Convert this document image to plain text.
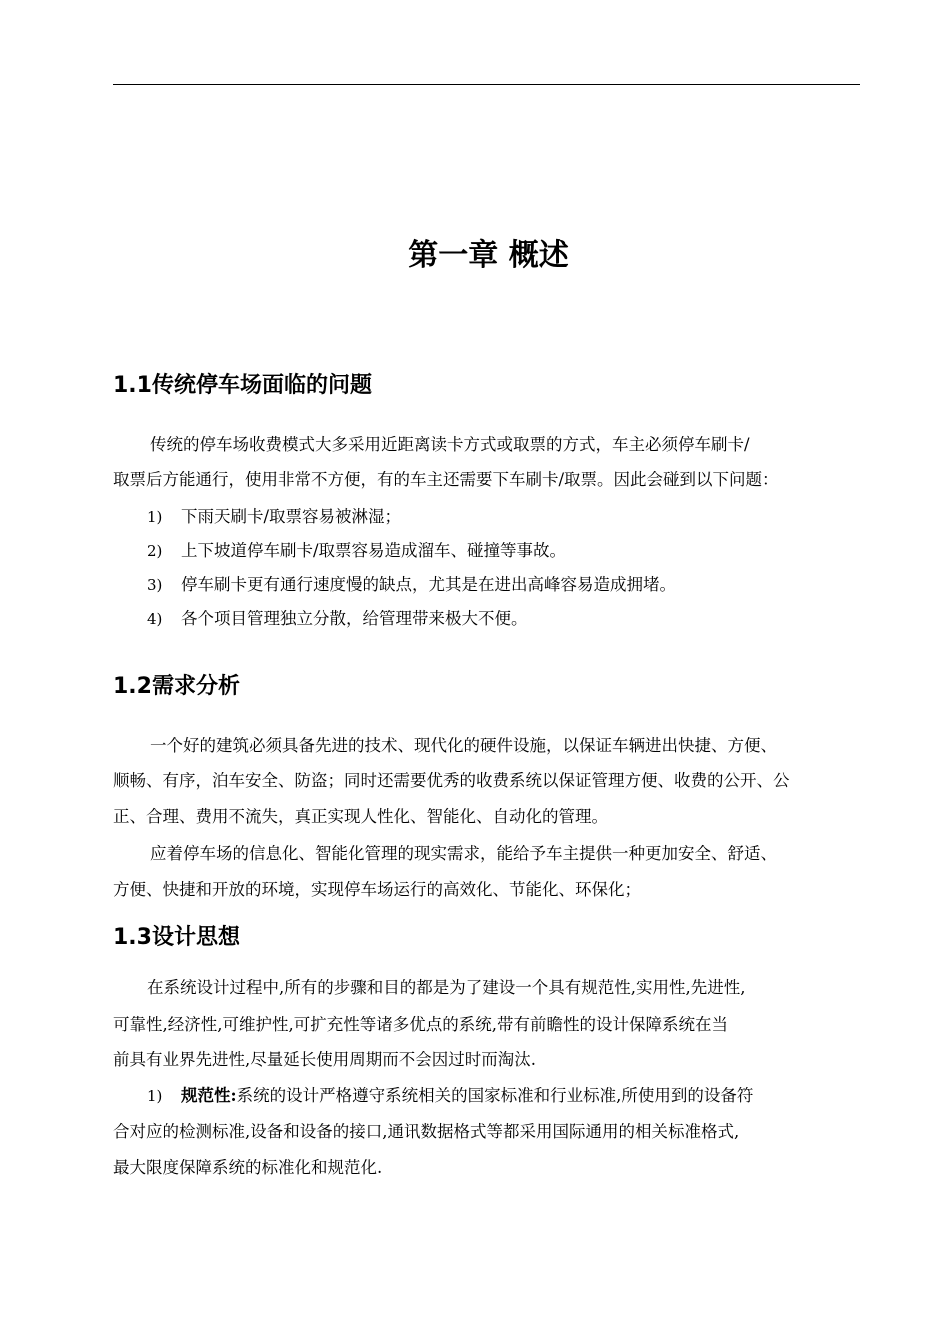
第一章 概述
1.1传统停车场面临的问题
传统的停车场收费模式大多采用近距离读卡方式或取票的方式，车主必须停车刷卡/
取票后方能通行，使用非常不方便，有的车主还需要下车刷卡/取票。因此会碰到以下问题：
1) 下雨天刷卡/取票容易被淋湿；
2) 上下坡道停车刷卡/取票容易造成溜车、碰撞等事故。
3) 停车刷卡更有通行速度慢的缺点，尤其是在进出高峰容易造成拥堵。
4) 各个项目管理独立分散，给管理带来极大不便。
1.2需求分析
一个好的建筑必须具备先进的技术、现代化的硬件设施，以保证车辆进出快捷、方便、
顺畅、有序，泊车安全、防盗；同时还需要优秀的收费系统以保证管理方便、收费的公开、公
正、合理、费用不流失，真正实现人性化、智能化、自动化的管理。
应着停车场的信息化、智能化管理的现实需求，能给予车主提供一种更加安全、舒适、
方便、快捷和开放的环境，实现停车场运行的高效化、节能化、环保化；
1.3设计思想
在系统设计过程中,所有的步骤和目的都是为了建设一个具有规范性,实用性,先进性,
可靠性,经济性,可维护性,可扩充性等诸多优点的系统,带有前瞻性的设计保障系统在当
前具有业界先进性,尽量延长使用周期而不会因过时而淘汰.
1) 规范性:系统的设计严格遵守系统相关的国家标准和行业标准,所使用到的设备符
合对应的检测标准,设备和设备的接口,通讯数据格式等都采用国际通用的相关标准格式,
最大限度保障系统的标准化和规范化.
